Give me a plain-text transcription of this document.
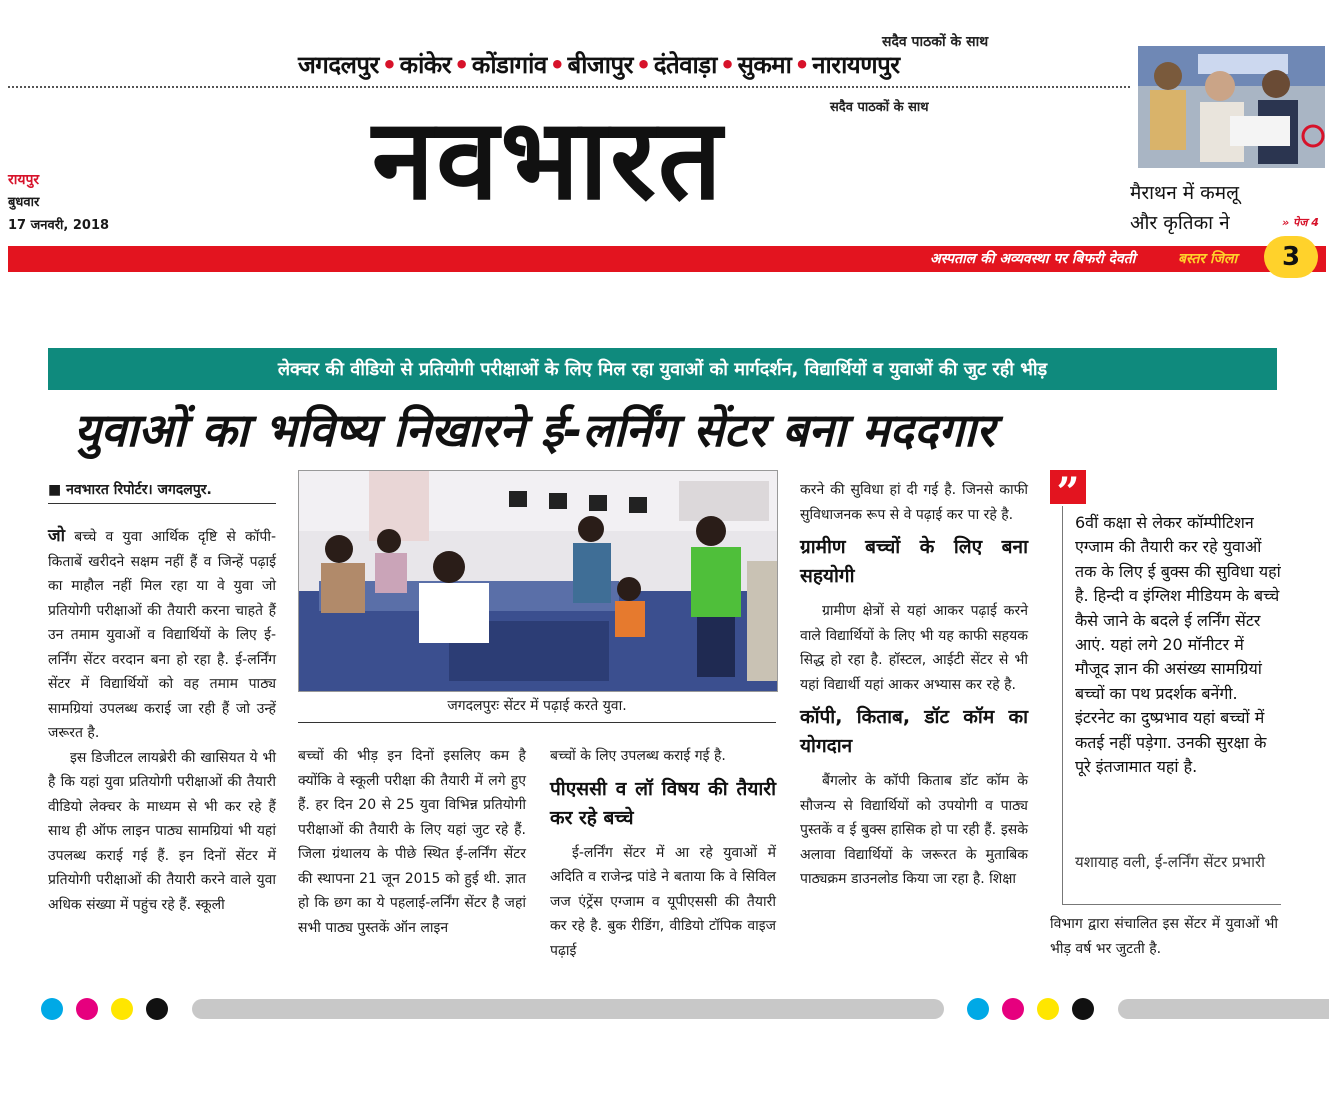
सदैव पाठकों के साथ
जगदलपुर • कांकेर • कोंडागांव • बीजापुर • दंतेवाड़ा • सुकमा • नारायणपुर
सदैव पाठकों के साथ
नवभारत
रायपुर
बुधवार
17 जनवरी, 2018
मैराथन में कमलू
और कृतिका ने	» पेज 4
अस्पताल की अव्यवस्था पर बिफरी देवती	बस्तर जिला	3
लेक्चर की वीडियो से प्रतियोगी परीक्षाओं के लिए मिल रहा युवाओं को मार्गदर्शन, विद्यार्थियों व युवाओं की जुट रही भीड़
युवाओं का भविष्य निखारने ई-लर्निंग सेंटर बना मददगार
■ नवभारत रिपोर्टर। जगदलपुर.

जो बच्चे व युवा आर्थिक दृष्टि से कॉपी-किताबें खरीदने सक्षम नहीं हैं व जिन्हें पढ़ाई का माहौल नहीं मिल रहा या वे युवा जो प्रतियोगी परीक्षाओं की तैयारी करना चाहते हैं उन तमाम युवाओं व विद्यार्थियों के लिए ई-लर्निंग सेंटर वरदान बना हो रहा है. ई-लर्निंग सेंटर में विद्यार्थियों को वह तमाम पाठ्य सामग्रियां उपलब्ध कराई जा रही हैं जो उन्हें जरूरत है.

इस डिजीटल लायब्रेरी की खासियत ये भी है कि यहां युवा प्रतियोगी परीक्षाओं की तैयारी वीडियो लेक्चर के माध्यम से भी कर रहे हैं साथ ही ऑफ लाइन पाठ्य सामग्रियां भी यहां उपलब्ध कराई गई हैं. इन दिनों सेंटर में प्रतियोगी परीक्षाओं की तैयारी करने वाले युवा अधिक संख्या में पहुंच रहे हैं. स्कूली

जगदलपुरः सेंटर में पढ़ाई करते युवा.

बच्चों की भीड़ इन दिनों इसलिए कम है क्योंकि वे स्कूली परीक्षा की तैयारी में लगे हुए हैं. हर दिन 20 से 25 युवा विभिन्न प्रतियोगी परीक्षाओं की तैयारी के लिए यहां जुट रहे हैं. जिला ग्रंथालय के पीछे स्थित ई-लर्निंग सेंटर की स्थापना 21 जून 2015 को हुई थी. ज्ञात हो कि छग का ये पहलाई-लर्निंग सेंटर है जहां सभी पाठ्य पुस्तकें ऑन लाइन

बच्चों के लिए उपलब्ध कराई गई है.

पीएससी व लॉ विषय की तैयारी कर रहे बच्चे

ई-लर्निंग सेंटर में आ रहे युवाओं में अदिति व राजेन्द्र पांडे ने बताया कि वे सिविल जज एंट्रेंस एग्जाम व यूपीएससी की तैयारी कर रहे है. बुक रीडिंग, वीडियो टॉपिक वाइज पढ़ाई

करने की सुविधा हां दी गई है. जिनसे काफी सुविधाजनक रूप से वे पढ़ाई कर पा रहे है.

ग्रामीण बच्चों के लिए बना सहयोगी

ग्रामीण क्षेत्रों से यहां आकर पढ़ाई करने वाले विद्यार्थियों के लिए भी यह काफी सहयक सिद्ध हो रहा है. हॉस्टल, आईटी सेंटर से भी यहां विद्यार्थी यहां आकर अभ्यास कर रहे है.

कॉपी, किताब, डॉट कॉम का योगदान

बैंगलोर के कॉपी किताब डॉट कॉम के सौजन्य से विद्यार्थियों को उपयोगी व पाठ्य पुस्तकें व ई बुक्स हासिक हो पा रही हैं. इसके अलावा विद्यार्थियों के जरूरत के मुताबिक पाठ्यक्रम डाउनलोड किया जा रहा है. शिक्षा

”
6वीं कक्षा से लेकर कॉम्पीटिशन एग्जाम की तैयारी कर रहे युवाओं तक के लिए ई बुक्स की सुविधा यहां है. हिन्दी व इंग्लिश मीडियम के बच्चे कैसे जाने के बदले ई लर्निंग सेंटर आएं. यहां लगे 20 मॉनीटर में मौजूद ज्ञान की असंख्य सामग्रियां बच्चों का पथ प्रदर्शक बनेंगी. इंटरनेट का दुष्प्रभाव यहां बच्चों में कतई नहीं पड़ेगा. उनकी सुरक्षा के पूरे इंतजामात यहां है.
यशायाह वली, ई-लर्निंग सेंटर प्रभारी
विभाग द्वारा संचालित इस सेंटर में युवाओं भी भीड़ वर्ष भर जुटती है.
